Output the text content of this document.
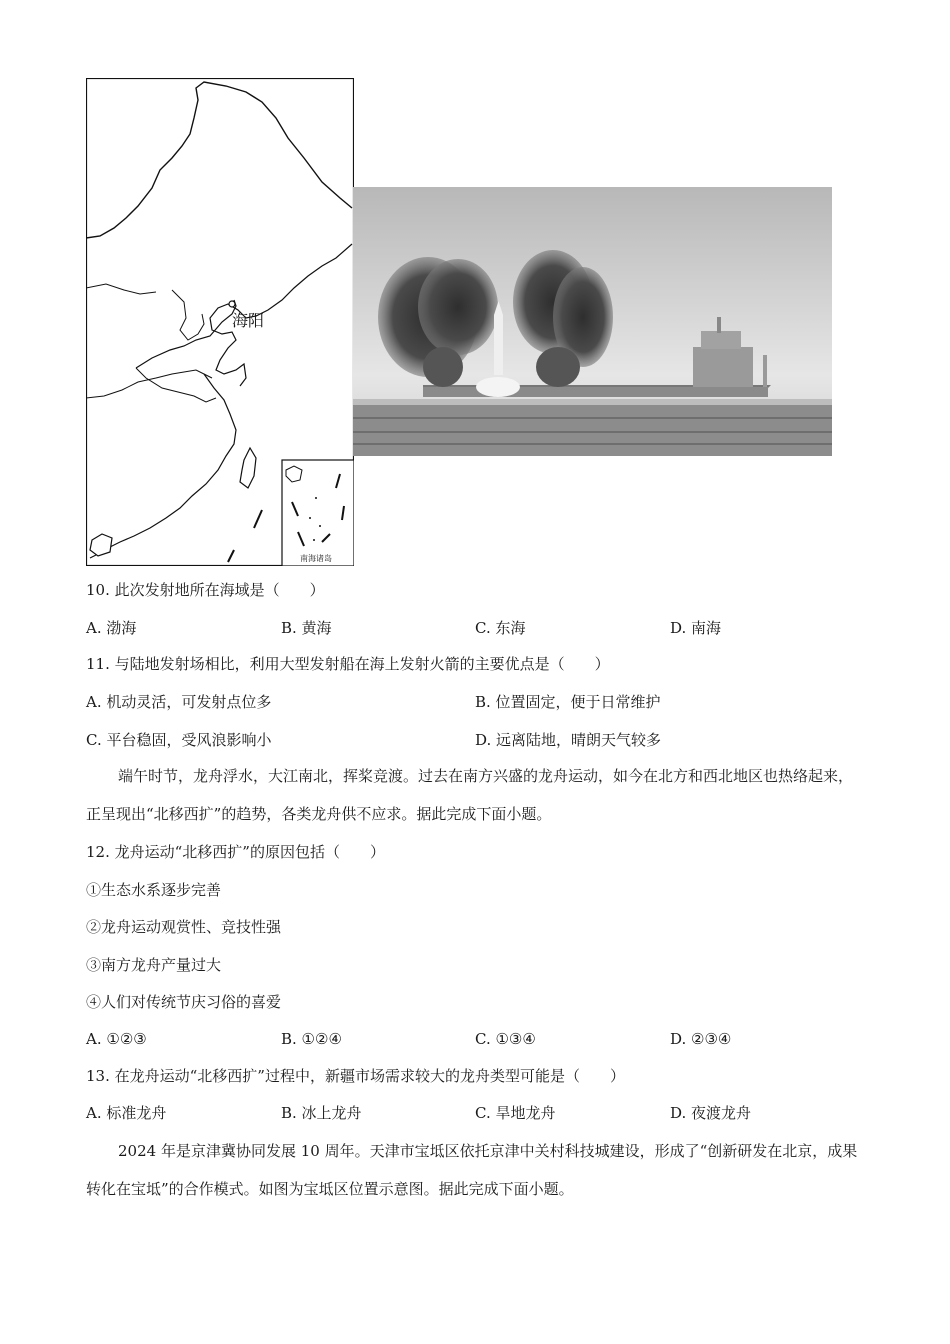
海阳
南海诸岛
10. 此次发射地所在海域是（　　）
A. 渤海	B. 黄海	C. 东海	D. 南海
11. 与陆地发射场相比，利用大型发射船在海上发射火箭的主要优点是（　　）
A. 机动灵活，可发射点位多	B. 位置固定，便于日常维护
C. 平台稳固，受风浪影响小	D. 远离陆地，晴朗天气较多
端午时节，龙舟浮水，大江南北，挥桨竞渡。过去在南方兴盛的龙舟运动，如今在北方和西北地区也热络起来，正呈现出“北移西扩”的趋势，各类龙舟供不应求。据此完成下面小题。
12. 龙舟运动“北移西扩”的原因包括（　　）
①生态水系逐步完善
②龙舟运动观赏性、竞技性强
③南方龙舟产量过大
④人们对传统节庆习俗的喜爱
A. ①②③	B. ①②④	C. ①③④	D. ②③④
13. 在龙舟运动“北移西扩”过程中，新疆市场需求较大的龙舟类型可能是（　　）
A. 标准龙舟	B. 冰上龙舟	C. 旱地龙舟	D. 夜渡龙舟
2024 年是京津冀协同发展 10 周年。天津市宝坻区依托京津中关村科技城建设，形成了“创新研发在北京，成果转化在宝坻”的合作模式。如图为宝坻区位置示意图。据此完成下面小题。
